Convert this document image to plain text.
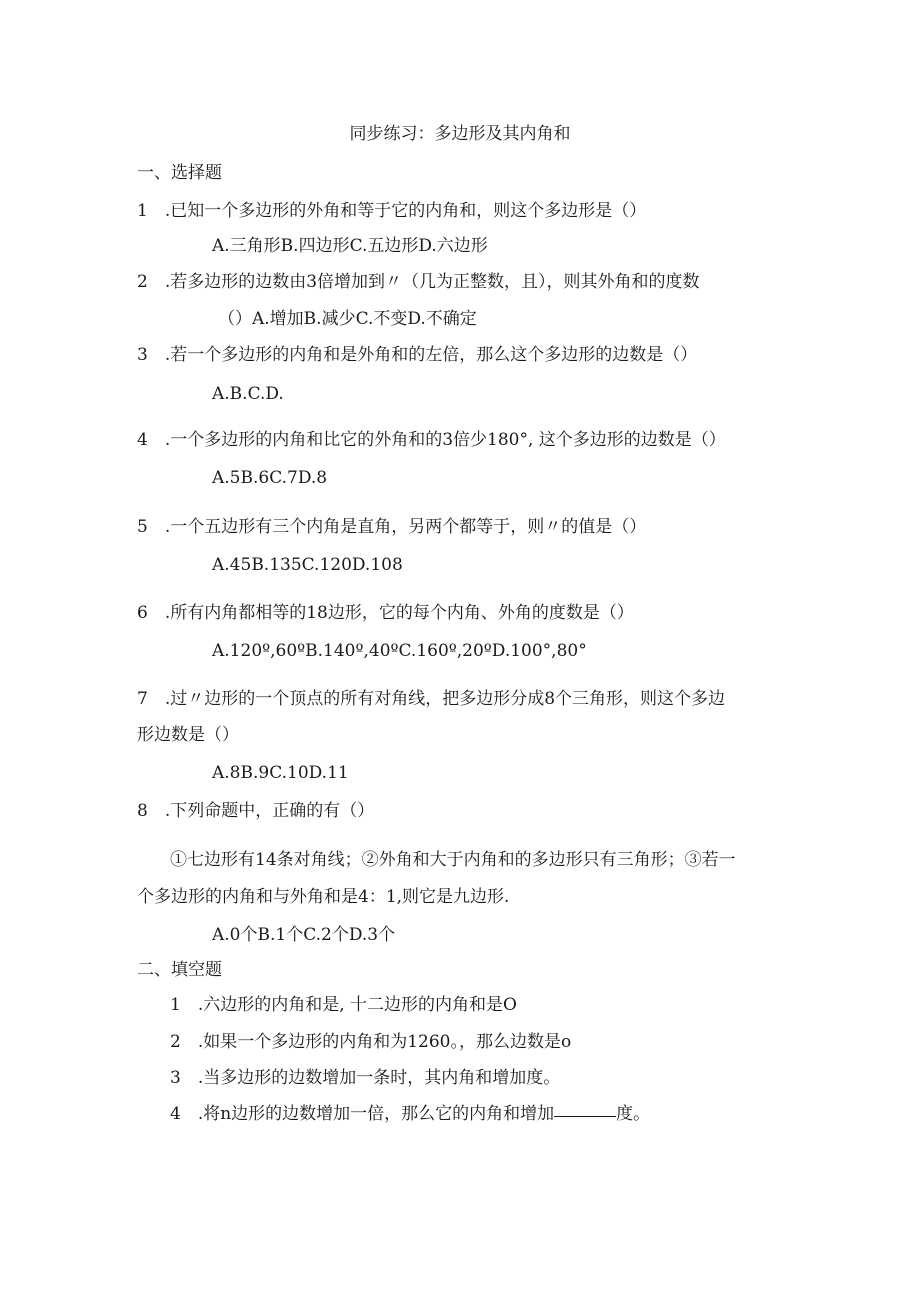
同步练习：多边形及其内角和
一、选择题
1 .已知一个多边形的外角和等于它的内角和，则这个多边形是（）
A.三角形B.四边形C.五边形D.六边形
2 .若多边形的边数由3倍增加到〃（几为正整数，且），则其外角和的度数
（）A.增加B.减少C.不变D.不确定
3 .若一个多边形的内角和是外角和的左倍，那么这个多边形的边数是（）
A.B.C.D.
4 .一个多边形的内角和比它的外角和的3倍少180°, 这个多边形的边数是（）
A.5B.6C.7D.8
5 .一个五边形有三个内角是直角，另两个都等于，则〃的值是（）
A.45B.135C.120D.108
6 .所有内角都相等的18边形，它的每个内角、外角的度数是（）
A.120º,60ºB.140º,40ºC.160º,20ºD.100°,80°
7 .过〃边形的一个顶点的所有对角线，把多边形分成8个三角形，则这个多边
形边数是（）
A.8B.9C.10D.11
8 .下列命题中，正确的有（）
①七边形有14条对角线；②外角和大于内角和的多边形只有三角形；③若一
个多边形的内角和与外角和是4：1,则它是九边形.
A.0个B.1个C.2个D.3个
二、填空题
1 .六边形的内角和是, 十二边形的内角和是O
2 .如果一个多边形的内角和为1260。，那么边数是o
3 .当多边形的边数增加一条时，其内角和增加度。
4 .将n边形的边数增加一倍，那么它的内角和增加	度。
